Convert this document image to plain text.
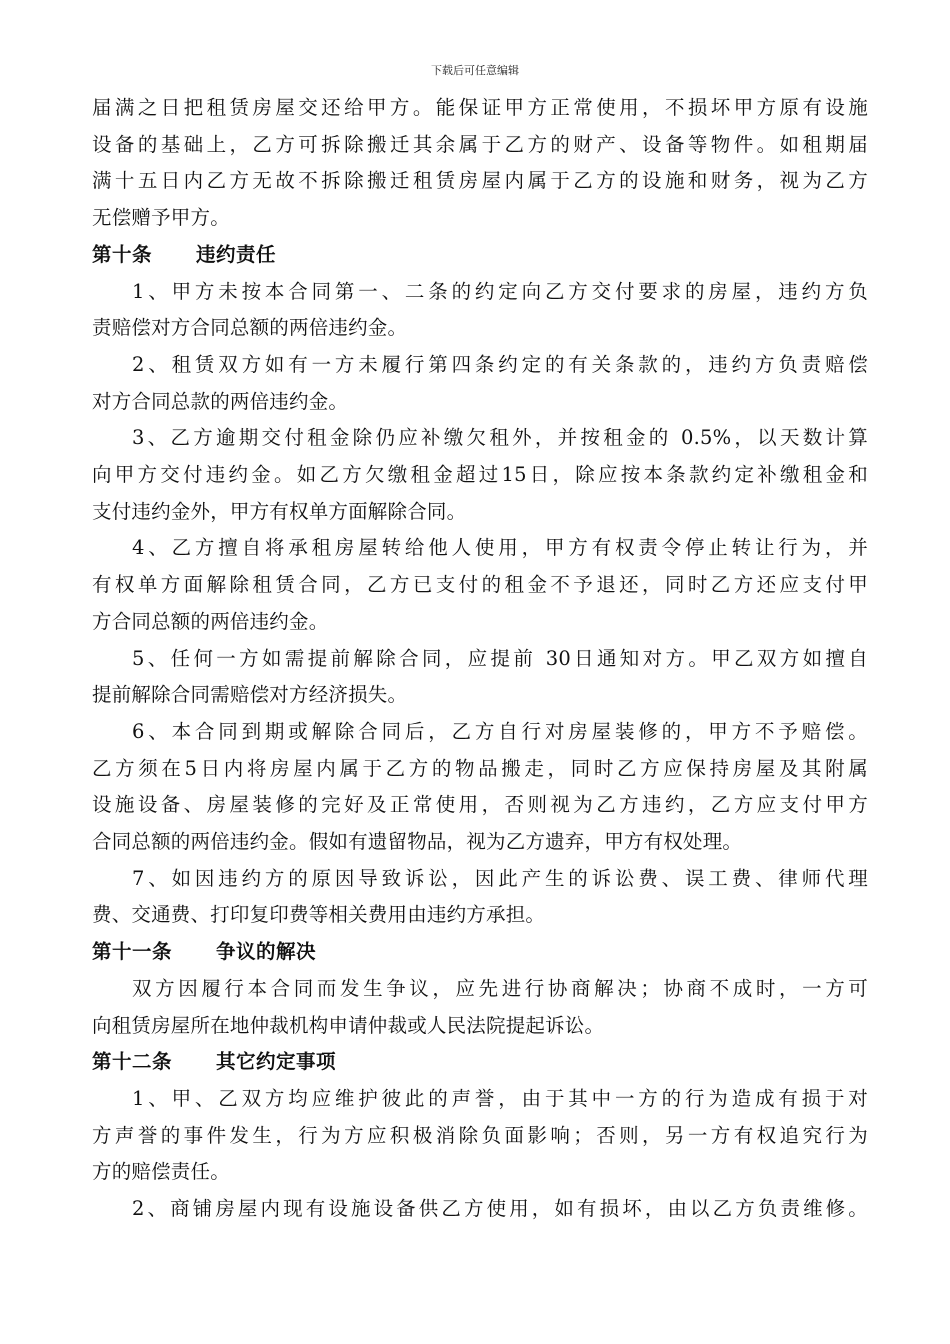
下载后可任意编辑
届满之日把租赁房屋交还给甲方。能保证甲方正常使用，不损坏甲方原有设施
设备的基础上，乙方可拆除搬迁其余属于乙方的财产、设备等物件。如租期届
满十五日内乙方无故不拆除搬迁租赁房屋内属于乙方的设施和财务，视为乙方
无偿赠予甲方。
第十条 违约责任
1、甲方未按本合同第一、二条的约定向乙方交付要求的房屋，违约方负
责赔偿对方合同总额的两倍违约金。
2、租赁双方如有一方未履行第四条约定的有关条款的，违约方负责赔偿
对方合同总款的两倍违约金。
3、乙方逾期交付租金除仍应补缴欠租外，并按租金的 0.5%，以天数计算
向甲方交付违约金。如乙方欠缴租金超过15日，除应按本条款约定补缴租金和
支付违约金外，甲方有权单方面解除合同。
4、乙方擅自将承租房屋转给他人使用，甲方有权责令停止转让行为，并
有权单方面解除租赁合同，乙方已支付的租金不予退还，同时乙方还应支付甲
方合同总额的两倍违约金。
5、任何一方如需提前解除合同，应提前 30日通知对方。甲乙双方如擅自
提前解除合同需赔偿对方经济损失。
6、本合同到期或解除合同后，乙方自行对房屋装修的，甲方不予赔偿。
乙方须在5日内将房屋内属于乙方的物品搬走，同时乙方应保持房屋及其附属
设施设备、房屋装修的完好及正常使用，否则视为乙方违约，乙方应支付甲方
合同总额的两倍违约金。假如有遗留物品，视为乙方遗弃，甲方有权处理。
7、如因违约方的原因导致诉讼，因此产生的诉讼费、误工费、律师代理
费、交通费、打印复印费等相关费用由违约方承担。
第十一条 争议的解决
双方因履行本合同而发生争议，应先进行协商解决；协商不成时，一方可
向租赁房屋所在地仲裁机构申请仲裁或人民法院提起诉讼。
第十二条 其它约定事项
1、甲、乙双方均应维护彼此的声誉，由于其中一方的行为造成有损于对
方声誉的事件发生，行为方应积极消除负面影响；否则，另一方有权追究行为
方的赔偿责任。
2、商铺房屋内现有设施设备供乙方使用，如有损坏，由以乙方负责维修。
